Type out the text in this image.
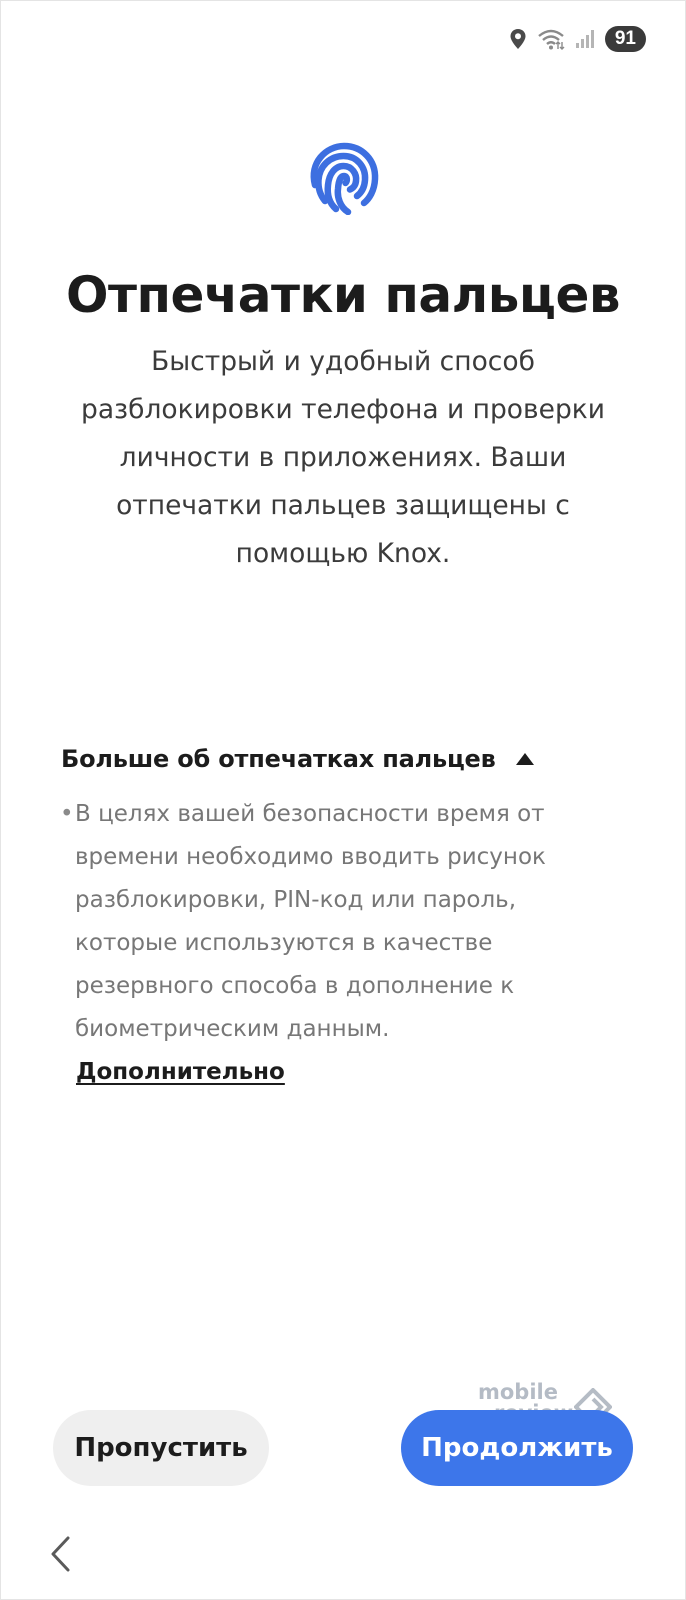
91
Отпечатки пальцев

Быстрый и удобный способ разблокировки телефона и проверки личности в приложениях. Ваши отпечатки пальцев защищены с помощью Knox.

Больше об отпечатках пальцев
• В целях вашей безопасности время от времени необходимо вводить рисунок разблокировки, PIN-код или пароль, которые используются в качестве резервного способа в дополнение к биометрическим данным.
Дополнительно
mobile
Пропустить	Продолжить
